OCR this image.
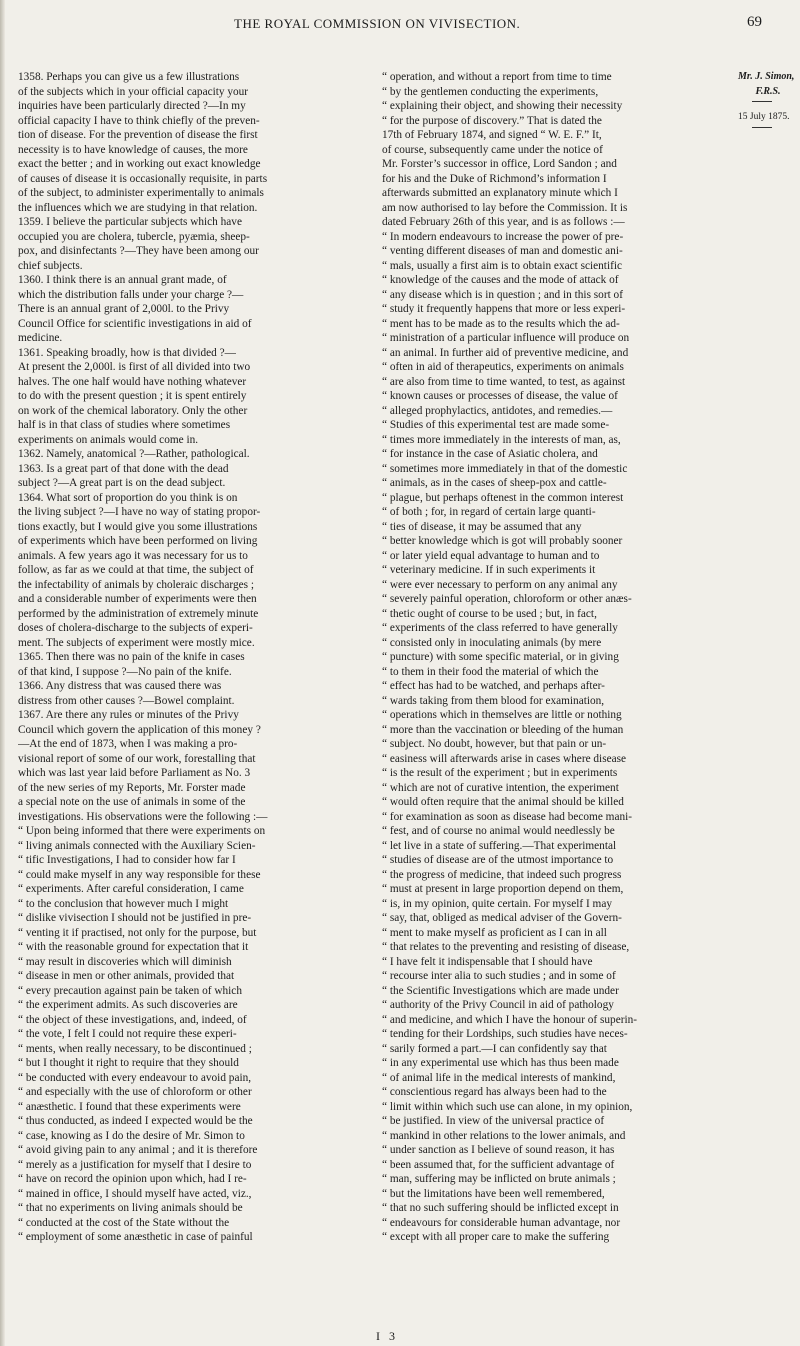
THE ROYAL COMMISSION ON VIVISECTION.	69
1358. Perhaps you can give us a few illustrations
of the subjects which in your official capacity your
inquiries have been particularly directed ?—In my
official capacity I have to think chiefly of the preven-
tion of disease. For the prevention of disease the first
necessity is to have knowledge of causes, the more
exact the better ; and in working out exact knowledge
of causes of disease it is occasionally requisite, in parts
of the subject, to administer experimentally to animals
the influences which we are studying in that relation.
1359. I believe the particular subjects which have
occupied you are cholera, tubercle, pyæmia, sheep-
pox, and disinfectants ?—They have been among our
chief subjects.
1360. I think there is an annual grant made, of
which the distribution falls under your charge ?—
There is an annual grant of 2,000l. to the Privy
Council Office for scientific investigations in aid of
medicine.
1361. Speaking broadly, how is that divided ?—
At present the 2,000l. is first of all divided into two
halves. The one half would have nothing whatever
to do with the present question ; it is spent entirely
on work of the chemical laboratory. Only the other
half is in that class of studies where sometimes
experiments on animals would come in.
1362. Namely, anatomical ?—Rather, pathological.
1363. Is a great part of that done with the dead
subject ?—A great part is on the dead subject.
1364. What sort of proportion do you think is on
the living subject ?—I have no way of stating propor-
tions exactly, but I would give you some illustrations
of experiments which have been performed on living
animals. A few years ago it was necessary for us to
follow, as far as we could at that time, the subject of
the infectability of animals by choleraic discharges ;
and a considerable number of experiments were then
performed by the administration of extremely minute
doses of cholera-discharge to the subjects of experi-
ment. The subjects of experiment were mostly mice.
1365. Then there was no pain of the knife in cases
of that kind, I suppose ?—No pain of the knife.
1366. Any distress that was caused there was
distress from other causes ?—Bowel complaint.
1367. Are there any rules or minutes of the Privy
Council which govern the application of this money ?
—At the end of 1873, when I was making a pro-
visional report of some of our work, forestalling that
which was last year laid before Parliament as No. 3
of the new series of my Reports, Mr. Forster made
a special note on the use of animals in some of the
investigations. His observations were the following :—
“ Upon being informed that there were experiments on
“ living animals connected with the Auxiliary Scien-
“ tific Investigations, I had to consider how far I
“ could make myself in any way responsible for these
“ experiments. After careful consideration, I came
“ to the conclusion that however much I might
“ dislike vivisection I should not be justified in pre-
“ venting it if practised, not only for the purpose, but
“ with the reasonable ground for expectation that it
“ may result in discoveries which will diminish
“ disease in men or other animals, provided that
“ every precaution against pain be taken of which
“ the experiment admits. As such discoveries are
“ the object of these investigations, and, indeed, of
“ the vote, I felt I could not require these experi-
“ ments, when really necessary, to be discontinued ;
“ but I thought it right to require that they should
“ be conducted with every endeavour to avoid pain,
“ and especially with the use of chloroform or other
“ anæsthetic. I found that these experiments were
“ thus conducted, as indeed I expected would be the
“ case, knowing as I do the desire of Mr. Simon to
“ avoid giving pain to any animal ; and it is therefore
“ merely as a justification for myself that I desire to
“ have on record the opinion upon which, had I re-
“ mained in office, I should myself have acted, viz.,
“ that no experiments on living animals should be
“ conducted at the cost of the State without the
“ employment of some anæsthetic in case of painful
“ operation, and without a report from time to time
“ by the gentlemen conducting the experiments,
“ explaining their object, and showing their necessity
“ for the purpose of discovery.” That is dated the
17th of February 1874, and signed “ W. E. F.” It,
of course, subsequently came under the notice of
Mr. Forster’s successor in office, Lord Sandon ; and
for his and the Duke of Richmond’s information I
afterwards submitted an explanatory minute which I
am now authorised to lay before the Commission. It is
dated February 26th of this year, and is as follows :—
“ In modern endeavours to increase the power of pre-
“ venting different diseases of man and domestic ani-
“ mals, usually a first aim is to obtain exact scientific
“ knowledge of the causes and the mode of attack of
“ any disease which is in question ; and in this sort of
“ study it frequently happens that more or less experi-
“ ment has to be made as to the results which the ad-
“ ministration of a particular influence will produce on
“ an animal. In further aid of preventive medicine, and
“ often in aid of therapeutics, experiments on animals
“ are also from time to time wanted, to test, as against
“ known causes or processes of disease, the value of
“ alleged prophylactics, antidotes, and remedies.—
“ Studies of this experimental test are made some-
“ times more immediately in the interests of man, as,
“ for instance in the case of Asiatic cholera, and
“ sometimes more immediately in that of the domestic
“ animals, as in the cases of sheep-pox and cattle-
“ plague, but perhaps oftenest in the common interest
“ of both ; for, in regard of certain large quanti-
“ ties of disease, it may be assumed that any
“ better knowledge which is got will probably sooner
“ or later yield equal advantage to human and to
“ veterinary medicine. If in such experiments it
“ were ever necessary to perform on any animal any
“ severely painful operation, chloroform or other anæs-
“ thetic ought of course to be used ; but, in fact,
“ experiments of the class referred to have generally
“ consisted only in inoculating animals (by mere
“ puncture) with some specific material, or in giving
“ to them in their food the material of which the
“ effect has had to be watched, and perhaps after-
“ wards taking from them blood for examination,
“ operations which in themselves are little or nothing
“ more than the vaccination or bleeding of the human
“ subject. No doubt, however, but that pain or un-
“ easiness will afterwards arise in cases where disease
“ is the result of the experiment ; but in experiments
“ which are not of curative intention, the experiment
“ would often require that the animal should be killed
“ for examination as soon as disease had become mani-
“ fest, and of course no animal would needlessly be
“ let live in a state of suffering.—That experimental
“ studies of disease are of the utmost importance to
“ the progress of medicine, that indeed such progress
“ must at present in large proportion depend on them,
“ is, in my opinion, quite certain. For myself I may
“ say, that, obliged as medical adviser of the Govern-
“ ment to make myself as proficient as I can in all
“ that relates to the preventing and resisting of disease,
“ I have felt it indispensable that I should have
“ recourse inter alia to such studies ; and in some of
“ the Scientific Investigations which are made under
“ authority of the Privy Council in aid of pathology
“ and medicine, and which I have the honour of superin-
“ tending for their Lordships, such studies have neces-
“ sarily formed a part.—I can confidently say that
“ in any experimental use which has thus been made
“ of animal life in the medical interests of mankind,
“ conscientious regard has always been had to the
“ limit within which such use can alone, in my opinion,
“ be justified. In view of the universal practice of
“ mankind in other relations to the lower animals, and
“ under sanction as I believe of sound reason, it has
“ been assumed that, for the sufficient advantage of
“ man, suffering may be inflicted on brute animals ;
“ but the limitations have been well remembered,
“ that no such suffering should be inflicted except in
“ endeavours for considerable human advantage, nor
“ except with all proper care to make the suffering
Mr. J. Simon,
F.R.S.
15 July 1875.
I 3
